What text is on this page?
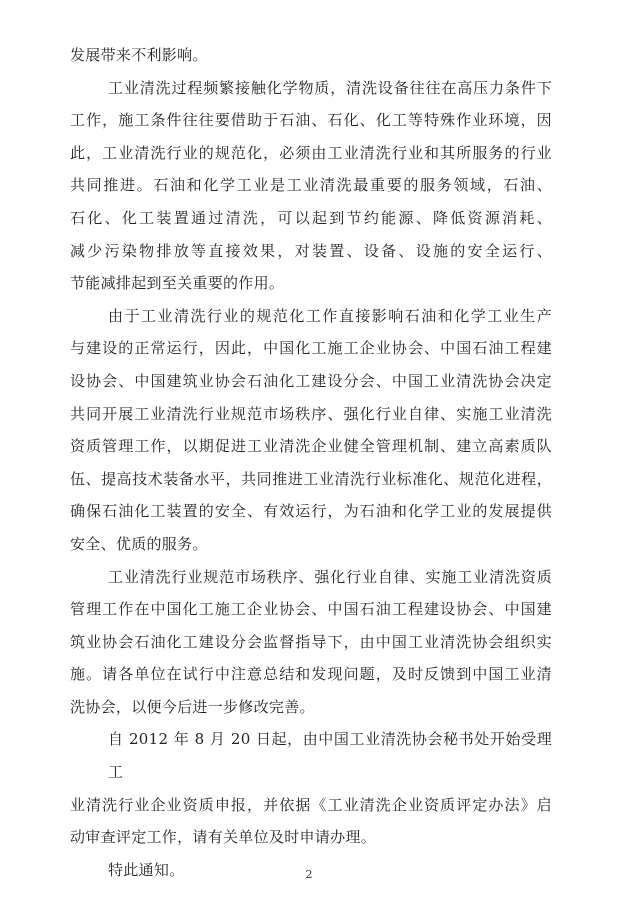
发展带来不利影响。
工业清洗过程频繁接触化学物质，清洗设备往往在高压力条件下
工作，施工条件往往要借助于石油、石化、化工等特殊作业环境，因
此，工业清洗行业的规范化，必须由工业清洗行业和其所服务的行业
共同推进。石油和化学工业是工业清洗最重要的服务领域，石油、
石化、化工装置通过清洗，可以起到节约能源、降低资源消耗、
减少污染物排放等直接效果，对装置、设备、设施的安全运行、
节能减排起到至关重要的作用。
由于工业清洗行业的规范化工作直接影响石油和化学工业生产
与建设的正常运行，因此，中国化工施工企业协会、中国石油工程建
设协会、中国建筑业协会石油化工建设分会、中国工业清洗协会决定
共同开展工业清洗行业规范市场秩序、强化行业自律、实施工业清洗
资质管理工作，以期促进工业清洗企业健全管理机制、建立高素质队
伍、提高技术装备水平，共同推进工业清洗行业标准化、规范化进程，
确保石油化工装置的安全、有效运行，为石油和化学工业的发展提供
安全、优质的服务。
工业清洗行业规范市场秩序、强化行业自律、实施工业清洗资质
管理工作在中国化工施工企业协会、中国石油工程建设协会、中国建
筑业协会石油化工建设分会监督指导下，由中国工业清洗协会组织实
施。请各单位在试行中注意总结和发现问题，及时反馈到中国工业清
洗协会，以便今后进一步修改完善。
自 2012 年 8 月 20 日起，由中国工业清洗协会秘书处开始受理工
业清洗行业企业资质申报，并依据《工业清洗企业资质评定办法》启
动审查评定工作，请有关单位及时申请办理。
特此通知。	2
